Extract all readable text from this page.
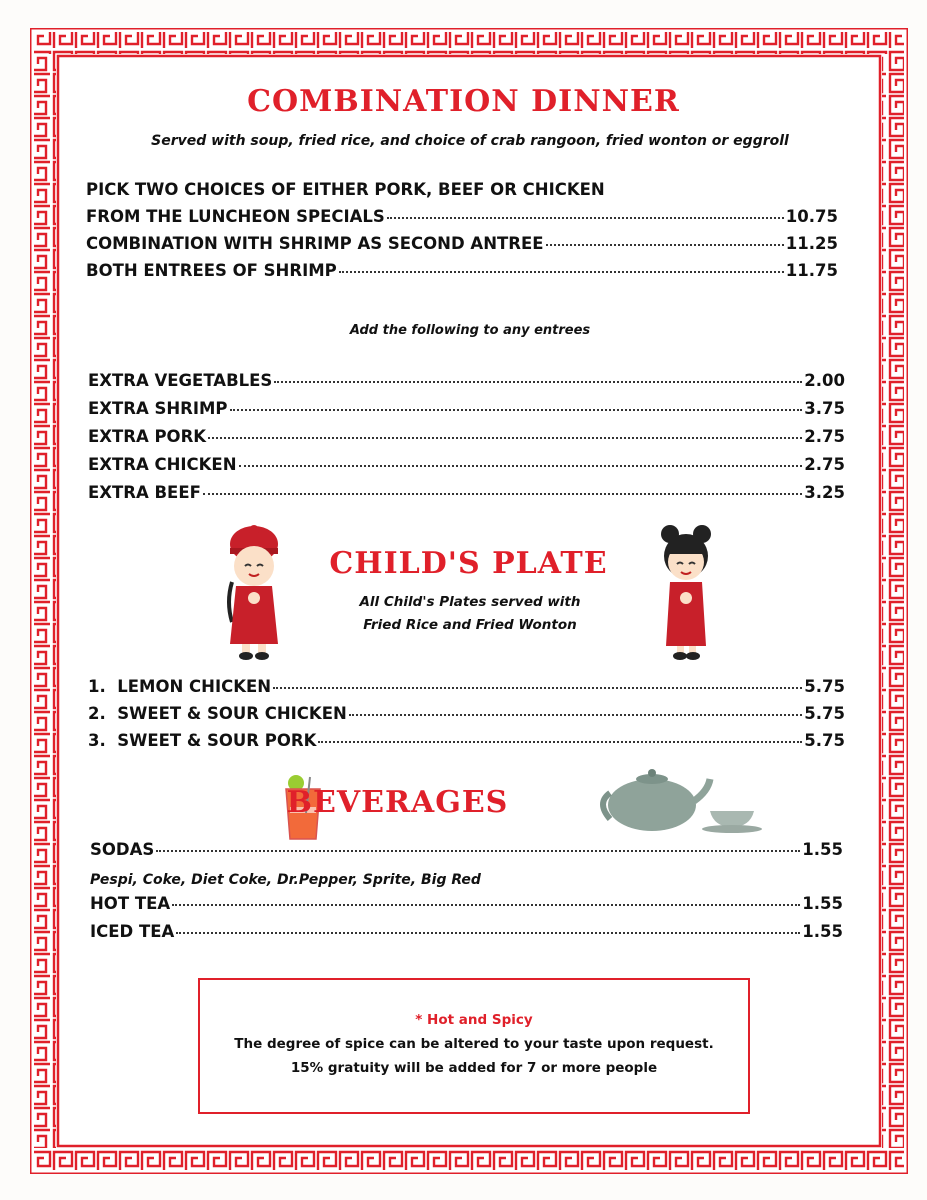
COMBINATION DINNER
Served with soup, fried rice, and choice of crab rangoon, fried wonton or eggroll
PICK TWO CHOICES OF EITHER PORK, BEEF OR CHICKEN
FROM THE LUNCHEON SPECIALS	10.75
COMBINATION WITH SHRIMP AS SECOND ANTREE	11.25
BOTH ENTREES OF SHRIMP	11.75
Add the following to any entrees
EXTRA VEGETABLES	2.00
EXTRA SHRIMP	3.75
EXTRA PORK	2.75
EXTRA CHICKEN	2.75
EXTRA BEEF	3.25
CHILD'S PLATE
All Child's Plates served with
Fried Rice and Fried Wonton
1.  LEMON CHICKEN	5.75
2.  SWEET & SOUR CHICKEN	5.75
3.  SWEET & SOUR PORK	5.75
BEVERAGES
SODAS	1.55
Pespi, Coke, Diet Coke, Dr.Pepper, Sprite, Big Red
HOT TEA	1.55
ICED TEA	1.55
* Hot and Spicy
The degree of spice can be altered to your taste upon request.
15% gratuity will be added for 7 or more people
